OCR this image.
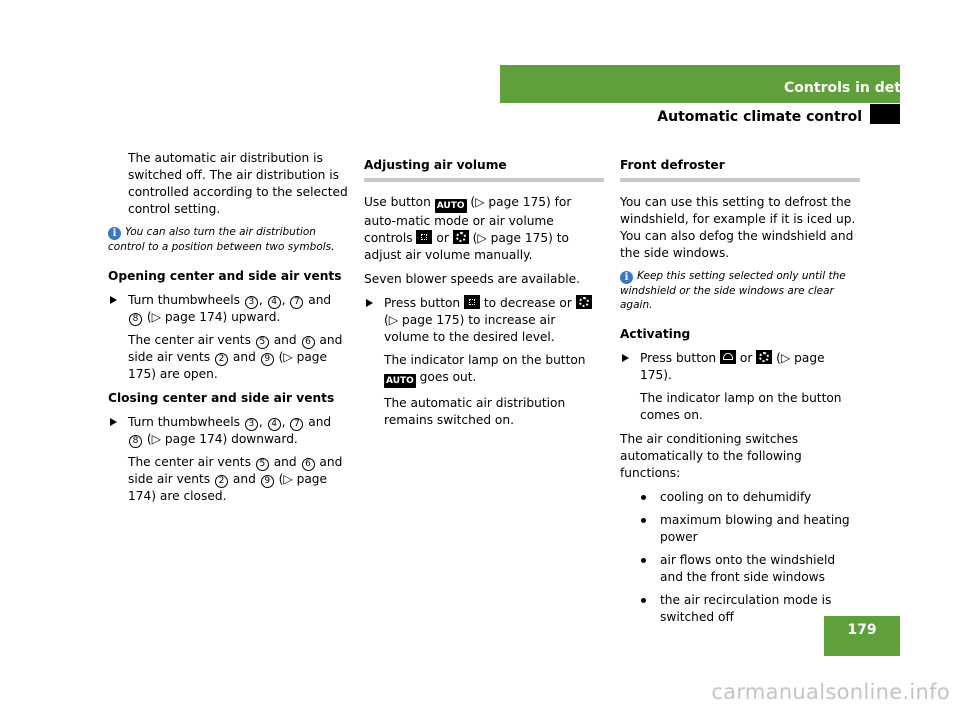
Controls in detail
Automatic climate control

The automatic air distribution is switched off. The air distribution is controlled according to the selected control setting.

i You can also turn the air distribution control to a position between two symbols.

Opening center and side air vents

Turn thumbwheels 3 , 4 , 7 and 8 (▷ page 174) upward.

The center air vents 5 and 6 and side air vents 2 and 9 (▷ page 175) are open.

Closing center and side air vents

Turn thumbwheels 3 , 4 , 7 and 8 (▷ page 174) downward.

The center air vents 5 and 6 and side air vents 2 and 9 (▷ page 174) are closed.

Adjusting air volume

Use button AUTO (▷ page 175) for auto-matic mode or air volume controls or (▷ page 175) to adjust air volume manually.

Seven blower speeds are available.

Press button to decrease or
(▷ page 175) to increase air volume to the desired level.

The indicator lamp on the button AUTO goes out.

The automatic air distribution remains switched on.

Front defroster

You can use this setting to defrost the windshield, for example if it is iced up. You can also defog the windshield and the side windows.

i Keep this setting selected only until the windshield or the side windows are clear again.

Activating

Press button or (▷ page 175).

The indicator lamp on the button comes on.

The air conditioning switches automatically to the following functions:

cooling on to dehumidify
maximum blowing and heating power
air flows onto the windshield and the front side windows
the air recirculation mode is switched off
179
carmanualsonline.info
